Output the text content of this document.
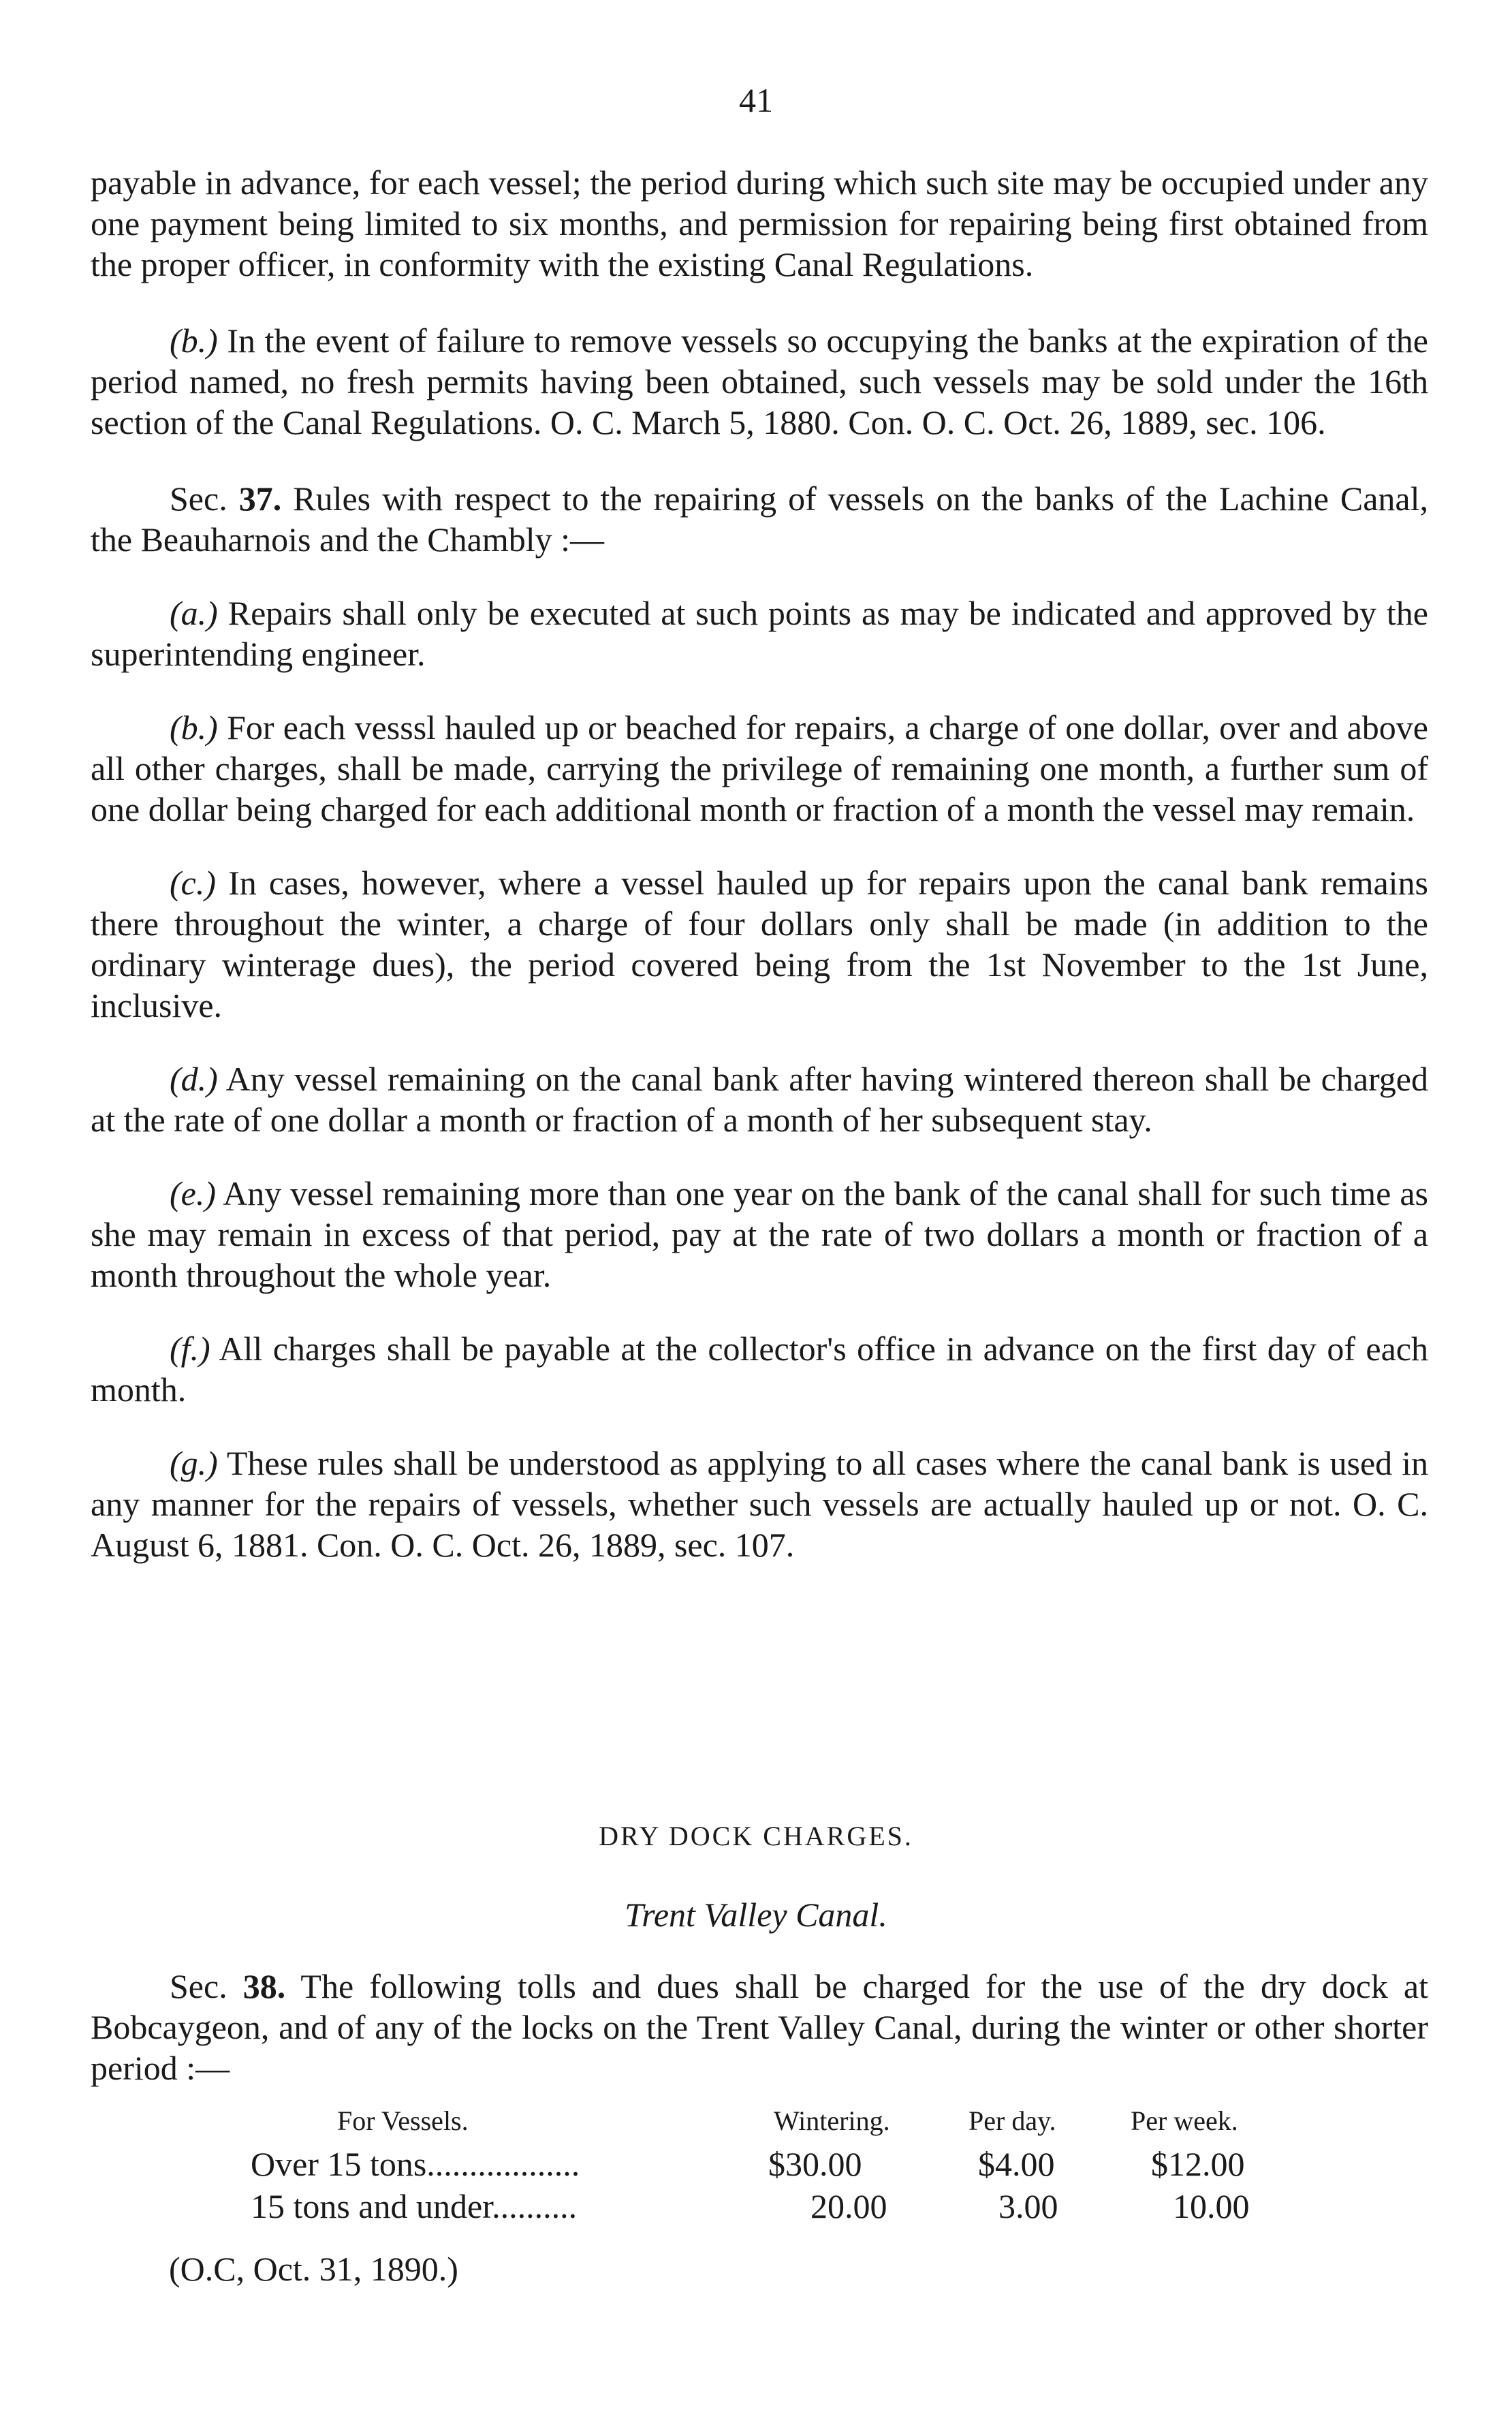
41

payable in advance, for each vessel; the period during which such site may be occupied under any one payment being limited to six months, and permission for repairing being first obtained from the proper officer, in conformity with the existing Canal Regulations.

(b.) In the event of failure to remove vessels so occupying the banks at the expiration of the period named, no fresh permits having been obtained, such vessels may be sold under the 16th section of the Canal Regulations. O. C. March 5, 1880. Con. O. C. Oct. 26, 1889, sec. 106.

Sec. 37. Rules with respect to the repairing of vessels on the banks of the Lachine Canal, the Beauharnois and the Chambly :—

(a.) Repairs shall only be executed at such points as may be indicated and approved by the superintending engineer.

(b.) For each vesssl hauled up or beached for repairs, a charge of one dollar, over and above all other charges, shall be made, carrying the privilege of remaining one month, a further sum of one dollar being charged for each additional month or fraction of a month the vessel may remain.

(c.) In cases, however, where a vessel hauled up for repairs upon the canal bank remains there throughout the winter, a charge of four dollars only shall be made (in addition to the ordinary winterage dues), the period covered being from the 1st November to the 1st June, inclusive.

(d.) Any vessel remaining on the canal bank after having wintered thereon shall be charged at the rate of one dollar a month or fraction of a month of her subsequent stay.

(e.) Any vessel remaining more than one year on the bank of the canal shall for such time as she may remain in excess of that period, pay at the rate of two dollars a month or fraction of a month throughout the whole year.

(f.) All charges shall be payable at the collector's office in advance on the first day of each month.

(g.) These rules shall be understood as applying to all cases where the canal bank is used in any manner for the repairs of vessels, whether such vessels are actually hauled up or not. O. C. August 6, 1881. Con. O. C. Oct. 26, 1889, sec. 107.

DRY DOCK CHARGES.
Trent Valley Canal.

Sec. 38. The following tolls and dues shall be charged for the use of the dry dock at Bobcaygeon, and of any of the locks on the Trent Valley Canal, during the winter or other shorter period :—

For Vessels.	Wintering.	Per day.	Per week.
Over 15 tons..................	$30.00	$4.00	$12.00
15 tons and under..........	20.00	3.00	10.00
(O.C, Oct. 31, 1890.)
